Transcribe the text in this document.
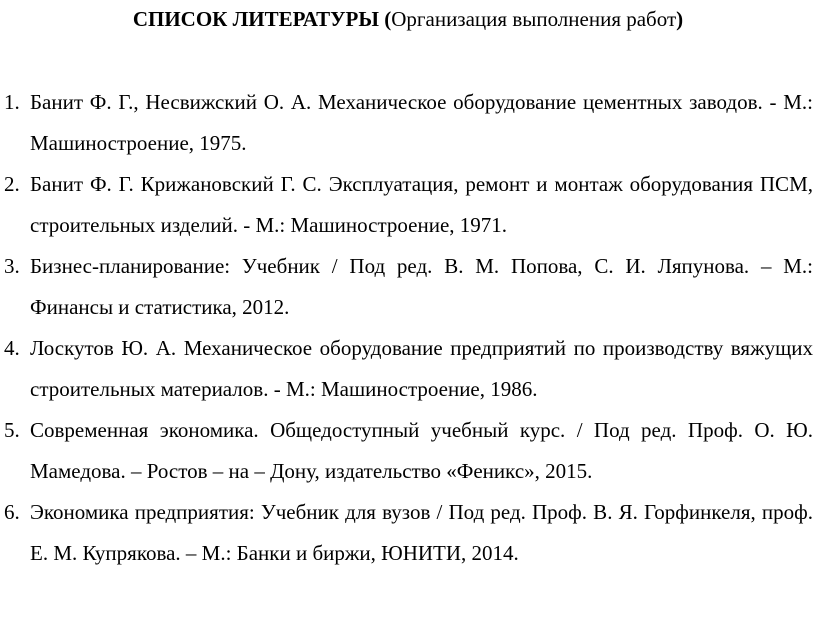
СПИСОК ЛИТЕРАТУРЫ (Организация выполнения работ)
1. Банит Ф. Г., Несвижский О. А. Механическое оборудование цементных заводов. - М.: Машиностроение, 1975.
2. Банит Ф. Г. Крижановский Г. С. Эксплуатация, ремонт и монтаж оборудования ПСМ, строительных изделий. - М.: Машиностроение, 1971.
3. Бизнес-планирование: Учебник / Под ред. В. М. Попова, С. И. Ляпунова. – М.: Финансы и статистика, 2012.
4. Лоскутов Ю. А. Механическое оборудование предприятий по производству вяжущих строительных материалов. - М.: Машиностроение, 1986.
5. Современная экономика. Общедоступный учебный курс. / Под ред. Проф. О. Ю. Мамедова. – Ростов – на – Дону, издательство «Феникс», 2015.
6. Экономика предприятия: Учебник для вузов / Под ред. Проф. В. Я. Горфинкеля, проф. Е. М. Купрякова. – М.: Банки и биржи, ЮНИТИ, 2014.
